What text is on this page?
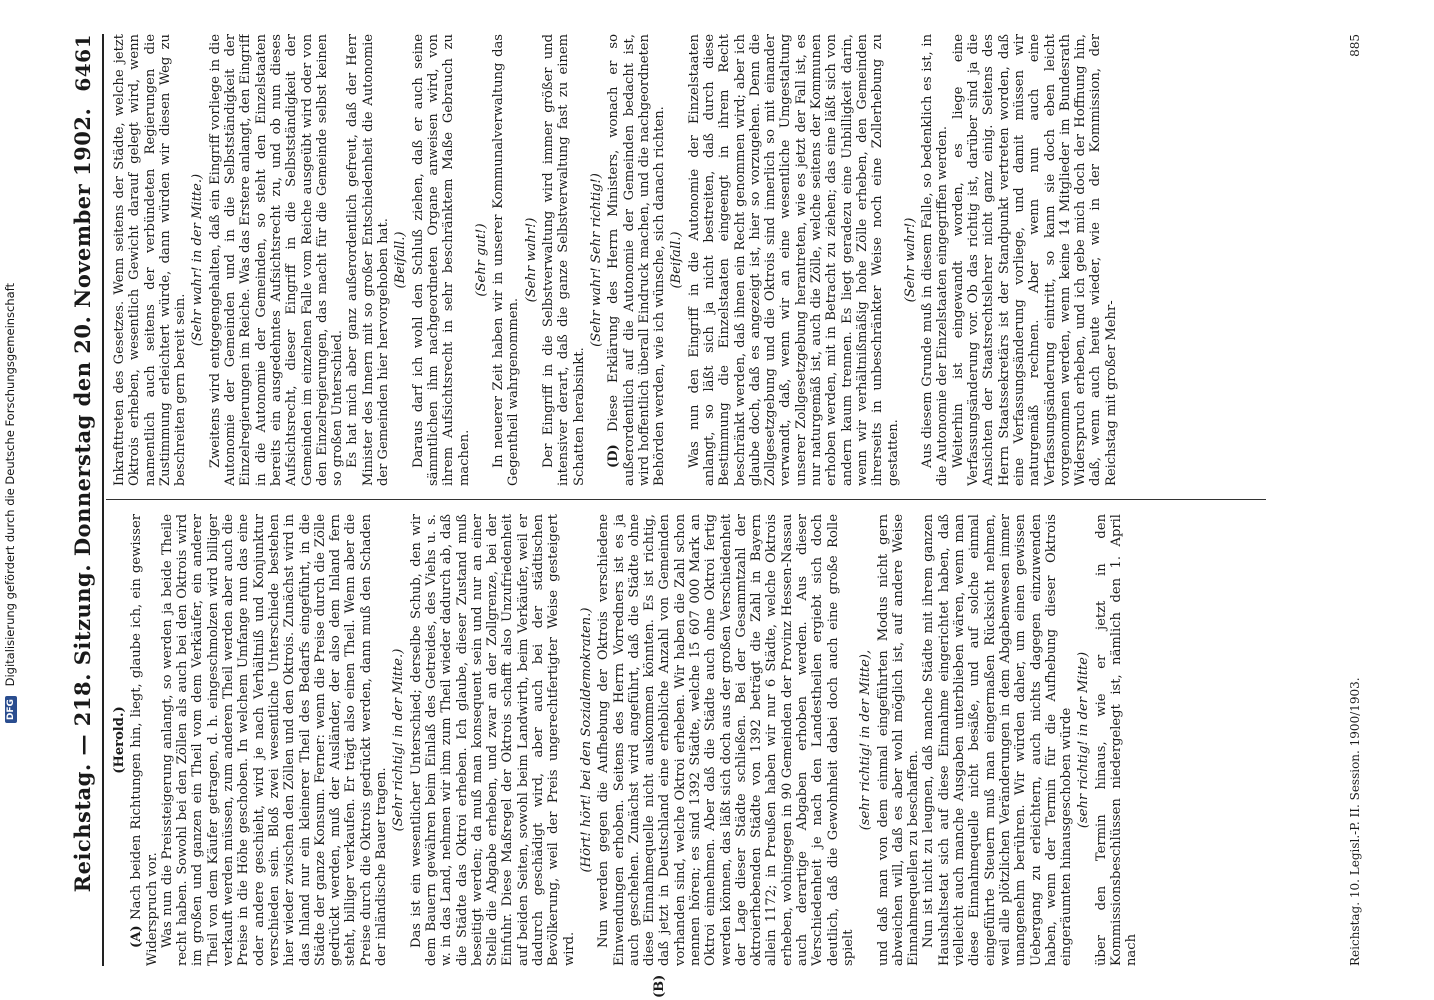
DFG Digitalisierung gefördert durch die Deutsche Forschungsgemeinschaft	Reichstag. — 218. Sitzung. Donnerstag den 20. November 1902.
6461
(Herold.)

(A) Nach beiden Richtungen hin, liegt, glaube ich, ein gewisser Widerspruch vor. Was nun die Preissteigerung anlangt, so werden ja beide Theile recht haben. Sowohl bei den Zöllen als auch bei den Oktrois wird im großen und ganzen ein Theil vom dem Verkäufer, ein anderer Theil von dem Käufer getragen, d. h. eingeschmolzen wird billiger verkauft werden müssen, zum anderen Theil werden aber auch die Preise in die Höhe geschoben. In welchem Umfange nun das eine oder andere geschieht, wird je nach Verhältniß und Konjunktur verschieden sein. Bloß zwei wesentliche Unterschiede bestehen hier wieder zwischen den Zöllen und den Oktrois. Zunächst wird in das Inland nur ein kleinerer Theil des Bedarfs eingeführt, in die Städte der ganze Konsum. Ferner: wenn die Preise durch die Zölle gedrückt werden, muß der Ausländer, der also dem Inland fern steht, billiger verkaufen. Er trägt also einen Theil. Wenn aber die Preise durch die Oktrois gedrückt werden, dann muß den Schaden der inländische Bauer tragen.

(Sehr richtig! in der Mitte.) Das ist ein wesentlicher Unterschied; derselbe Schub, den wir dem Bauern gewähren beim Einlaß des Getreides, des Viehs u. s. w. in das Land, nehmen wir ihm zum Theil wieder dadurch ab, daß die Städte das Oktroi erheben. Ich glaube, dieser Zustand muß beseitigt werden; da muß man konsequent sein und nur an einer Stelle die Abgabe erheben, und zwar an der Zollgrenze, bei der Einfuhr. Diese Maßregel der Oktrois schafft also Unzufriedenheit auf beiden Seiten, sowohl beim Landwirth, beim Verkäufer, weil er dadurch geschädigt wird, aber auch bei der städtischen Bevölkerung, weil der Preis ungerechtfertigter Weise gesteigert wird.

(Hört! hört! bei den Sozialdemokraten.) Nun werden gegen die Aufhebung der Oktrois verschiedene Einwendungen erhoben. Seitens des Herrn Vorredners ist es ja auch geschehen. Zunächst wird angeführt, daß die Städte ohne diese Einnahmequelle nicht auskommen könnten. Es ist richtig, daß jetzt in Deutschland eine erhebliche Anzahl von Gemeinden vorhanden sind, welche Oktroi erheben. Wir haben die Zahl schon nennen hören; es sind 1392 Städte, welche 15 607 000 Mark an Oktroi einnehmen. Aber daß die Städte auch ohne Oktroi fertig werden können, das läßt sich doch aus der großen Verschiedenheit der Lage dieser Städte schließen. Bei der Gesammtzahl der oktroierhebenden Städte von 1392 beträgt die Zahl in Bayern allein 1172; in Preußen haben wir nur 6 Städte, welche Oktrois erheben, wohingegen in 90 Gemeinden der Provinz Hessen-Nassau auch derartige Abgaben erhoben werden. Aus dieser Verschiedenheit je nach den Landestheilen ergiebt sich doch deutlich, daß die Gewohnheit dabei doch auch eine große Rolle spielt

(sehr richtig! in der Mitte), und daß man von dem einmal eingeführten Modus nicht gern abweichen will, daß es aber wohl möglich ist, auf andere Weise Einnahmequellen zu beschaffen. Nun ist nicht zu leugnen, daß manche Städte mit ihrem ganzen Haushaltsetat sich auf diese Einnahme eingerichtet haben, daß vielleicht auch manche Ausgaben unterblieben wären, wenn man diese Einnahmequelle nicht besäße, und auf solche einmal eingeführte Steuern muß man eingermaßen Rücksicht nehmen, weil alle plötzlichen Veränderungen in dem Abgabenwesen immer unangenehm berühren. Wir würden daher, um einen gewissen Uebergang zu erleichtern, auch nichts dagegen einzuwenden haben, wenn der Termin für die Aufhebung dieser Oktrois eingeräumten hinausgeschoben würde (sehr richtig! in der Mitte) über den Termin hinaus, wie er jetzt in den Kommissionsbeschlüssen niedergelegt ist, nämlich den 1. April nach

Inkrafttreten des Gesetzes. Wenn seitens der Städte, welche jetzt Oktrois erheben, wesentlich Gewicht darauf gelegt wird, wenn namentlich auch seitens der verbündeten Regierungen die Zustimmung erleichtert würde, dann würden wir diesen Weg zu beschreiten gern bereit sein.

(Sehr wahr! in der Mitte.) Zweitens wird entgegengehalten, daß ein Eingriff vorliege in die Autonomie der Gemeinden und in die Selbstständigkeit der Einzelregierungen im Reiche. Was das Erstere anlangt, den Eingriff in die Autonomie der Gemeinden, so steht den Einzelstaaten bereits ein ausgedehntes Aufsichtsrecht zu, und ob nun dieses Aufsichtsrecht, dieser Eingriff in die Selbstständigkeit der Gemeinden im einzelnen Falle vom Reiche ausgeübt wird oder von den Einzelregierungen, das macht für die Gemeinde selbst keinen so großen Unterschied. Es hat mich aber ganz außerordentlich gefreut, daß der Herr Minister des Innern mit so großer Entschiedenheit die Autonomie der Gemeinden hier hervorgehoben hat. (Beifall.) Daraus darf ich wohl den Schluß ziehen, daß er auch seine sämmtlichen ihm nachgeordneten Organe anweisen wird, von ihrem Aufsichtsrecht in sehr beschränktem Maße Gebrauch zu machen.

(Sehr gut!) In neuerer Zeit haben wir in unserer Kommunalverwaltung das Gegentheil wahrgenommen.

(Sehr wahr!) Der Eingriff in die Selbstverwaltung wird immer größer und intensiver derart, daß die ganze Selbstverwaltung fast zu einem Schatten herabsinkt.

(Sehr wahr! Sehr richtig!)

(D) Diese Erklärung des Herrn Ministers, wonach er so außerordentlich auf die Autonomie der Gemeinden bedacht ist, wird hoffentlich überall Eindruck machen, und die nachgeordneten Behörden werden, wie ich wünsche, sich danach richten. (Beifall.) Was nun den Eingriff in die Autonomie der Einzelstaaten anlangt, so läßt sich ja nicht bestreiten, daß durch diese Bestimmung die Einzelstaaten eingeengt in ihrem Recht beschränkt werden, daß ihnen ein Recht genommen wird; aber ich glaube doch, daß es angezeigt ist, hier so vorzugehen. Denn die Zollgesetzgebung und die Oktrois sind innerlich so mit einander verwandt, daß, wenn wir an eine wesentliche Umgestaltung unserer Zollgesetzgebung herantreten, wie es jetzt der Fall ist, es nur naturgemäß ist, auch die Zölle, welche seitens der Kommunen erhoben werden, mit in Betracht zu ziehen; das eine läßt sich von andern kaum trennen. Es liegt geradezu eine Unbilligkeit darin, wenn wir verhältnißmäßig hohe Zölle erheben, den Gemeinden ihrerseits in unbeschränkter Weise noch eine Zollerhebung zu gestatten.

(Sehr wahr!) Aus diesem Grunde muß in diesem Falle, so bedenklich es ist, in die Autonomie der Einzelstaaten eingegriffen werden. Weiterhin ist eingewandt worden, es liege eine Verfassungsänderung vor. Ob das richtig ist, darüber sind ja die Ansichten der Staatsrechtslehrer nicht ganz einig. Seitens des Herrn Staatssekretärs ist der Standpunkt vertreten worden, daß eine Verfassungsänderung vorliege, und damit müssen wir naturgemäß rechnen. Aber wenn nun auch eine Verfassungsänderung eintritt, so kann sie doch eben leicht vorgenommen werden, wenn keine 14 Mitglieder im Bundesrath Widerspruch erheben, und ich gebe mich doch der Hoffnung hin, daß, wenn auch heute wieder, wie in der Kommission, der Reichstag mit großer Mehr-

Reichstag. 10. Legisl.-P. II. Session. 1900/1903.
885
(B)
